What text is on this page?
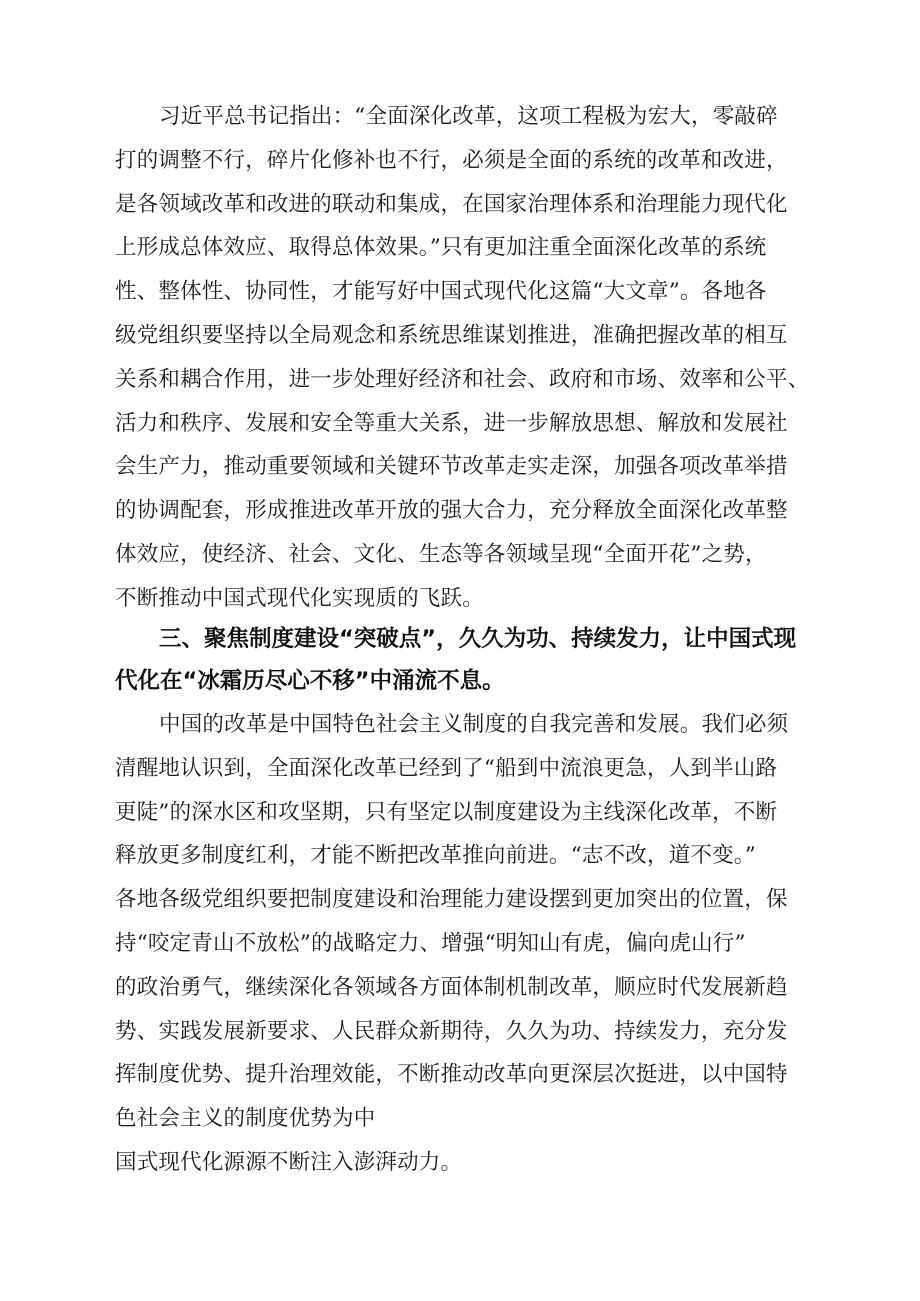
习近平总书记指出：“全面深化改革，这项工程极为宏大，零敲碎
打的调整不行，碎片化修补也不行，必须是全面的系统的改革和改进，
是各领域改革和改进的联动和集成，在国家治理体系和治理能力现代化
上形成总体效应、取得总体效果。”只有更加注重全面深化改革的系统
性、整体性、协同性，才能写好中国式现代化这篇“大文章”。各地各
级党组织要坚持以全局观念和系统思维谋划推进，准确把握改革的相互
关系和耦合作用，进一步处理好经济和社会、政府和市场、效率和公平、
活力和秩序、发展和安全等重大关系，进一步解放思想、解放和发展社
会生产力，推动重要领域和关键环节改革走实走深，加强各项改革举措
的协调配套，形成推进改革开放的强大合力，充分释放全面深化改革整
体效应，使经济、社会、文化、生态等各领域呈现“全面开花”之势，
不断推动中国式现代化实现质的飞跃。
三、聚焦制度建设“突破点”，久久为功、持续发力，让中国式现
代化在“冰霜历尽心不移”中涌流不息。
中国的改革是中国特色社会主义制度的自我完善和发展。我们必须
清醒地认识到，全面深化改革已经到了“船到中流浪更急，人到半山路
更陡”的深水区和攻坚期，只有坚定以制度建设为主线深化改革，不断
释放更多制度红利，才能不断把改革推向前进。“志不改，道不变。”
各地各级党组织要把制度建设和治理能力建设摆到更加突出的位置，保
持“咬定青山不放松”的战略定力、增强“明知山有虎，偏向虎山行”
的政治勇气，继续深化各领域各方面体制机制改革，顺应时代发展新趋
势、实践发展新要求、人民群众新期待，久久为功、持续发力，充分发
挥制度优势、提升治理效能，不断推动改革向更深层次挺进，以中国特
色社会主义的制度优势为中
国式现代化源源不断注入澎湃动力。
